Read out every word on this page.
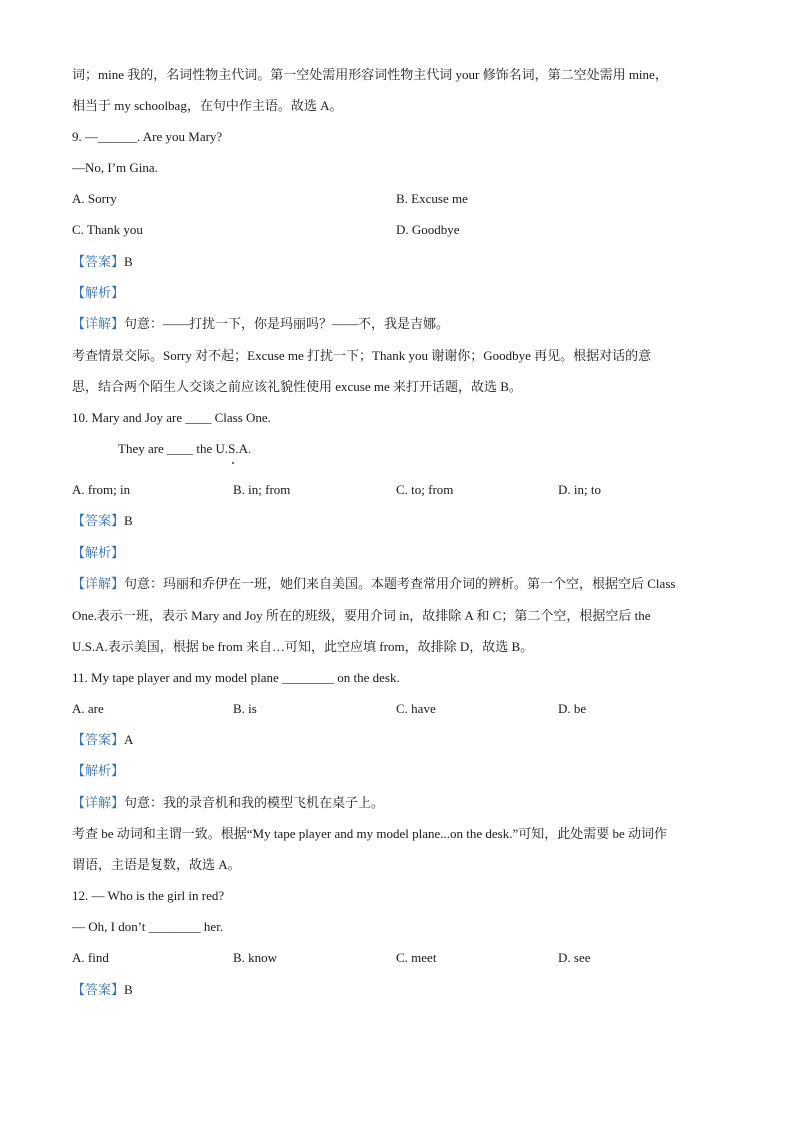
词；mine 我的，名词性物主代词。第一空处需用形容词性物主代词 your 修饰名词，第二空处需用 mine，
相当于 my schoolbag，在句中作主语。故选 A。
9. —______. Are you Mary?
—No, I’m Gina.
A. Sorry	B. Excuse me
C. Thank you	D. Goodbye
【答案】B
【解析】
【详解】句意：——打扰一下，你是玛丽吗？——不，我是吉娜。
考查情景交际。Sorry 对不起；Excuse me 打扰一下；Thank you 谢谢你；Goodbye 再见。根据对话的意
思，结合两个陌生人交谈之前应该礼貌性使用 excuse me 来打开话题，故选 B。
10. Mary and Joy are ____ Class One.
They are ____ the U.S.A.
A. from; in	B. in; from	C. to; from	D. in; to
【答案】B
【解析】
【详解】句意：玛丽和乔伊在一班，她们来自美国。本题考查常用介词的辨析。第一个空，根据空后 Class
One.表示一班，表示 Mary and Joy 所在的班级，要用介词 in，故排除 A 和 C；第二个空，根据空后 the
U.S.A.表示美国，根据 be from 来自…可知，此空应填 from，故排除 D，故选 B。
11. My tape player and my model plane ________ on the desk.
A. are	B. is	C. have	D. be
【答案】A
【解析】
【详解】句意：我的录音机和我的模型飞机在桌子上。
考查 be 动词和主谓一致。根据“My tape player and my model plane...on the desk.”可知，此处需要 be 动词作
谓语，主语是复数，故选 A。
12. — Who is the girl in red?
— Oh, I don’t ________ her.
A. find	B. know	C. meet	D. see
【答案】B
